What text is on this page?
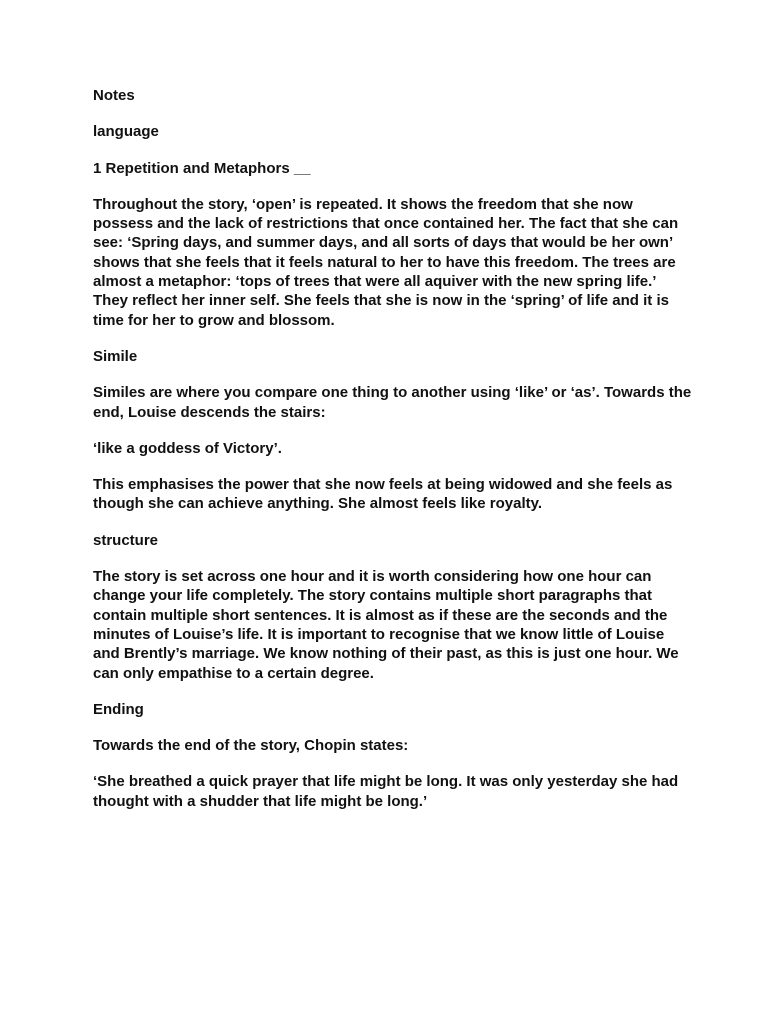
Notes
language
1 Repetition and Metaphors __

Throughout the story, ‘open’ is repeated. It shows the freedom that she now possess and the lack of restrictions that once contained her. The fact that she can see: ‘Spring days, and summer days, and all sorts of days that would be her own’ shows that she feels that it feels natural to her to have this freedom. The trees are almost a metaphor: ‘tops of trees that were all aquiver with the new spring life.’ They reflect her inner self. She feels that she is now in the ‘spring’ of life and it is time for her to grow and blossom.

Simile

Similes are where you compare one thing to another using ‘like’ or ‘as’. Towards the end, Louise descends the stairs:

‘like a goddess of Victory’.

This emphasises the power that she now feels at being widowed and she feels as though she can achieve anything. She almost feels like royalty.

structure

The story is set across one hour and it is worth considering how one hour can change your life completely. The story contains multiple short paragraphs that contain multiple short sentences. It is almost as if these are the seconds and the minutes of Louise’s life. It is important to recognise that we know little of Louise and Brently’s marriage. We know nothing of their past, as this is just one hour. We can only empathise to a certain degree.

Ending

Towards the end of the story, Chopin states:

‘She breathed a quick prayer that life might be long. It was only yesterday she had thought with a shudder that life might be long.’
